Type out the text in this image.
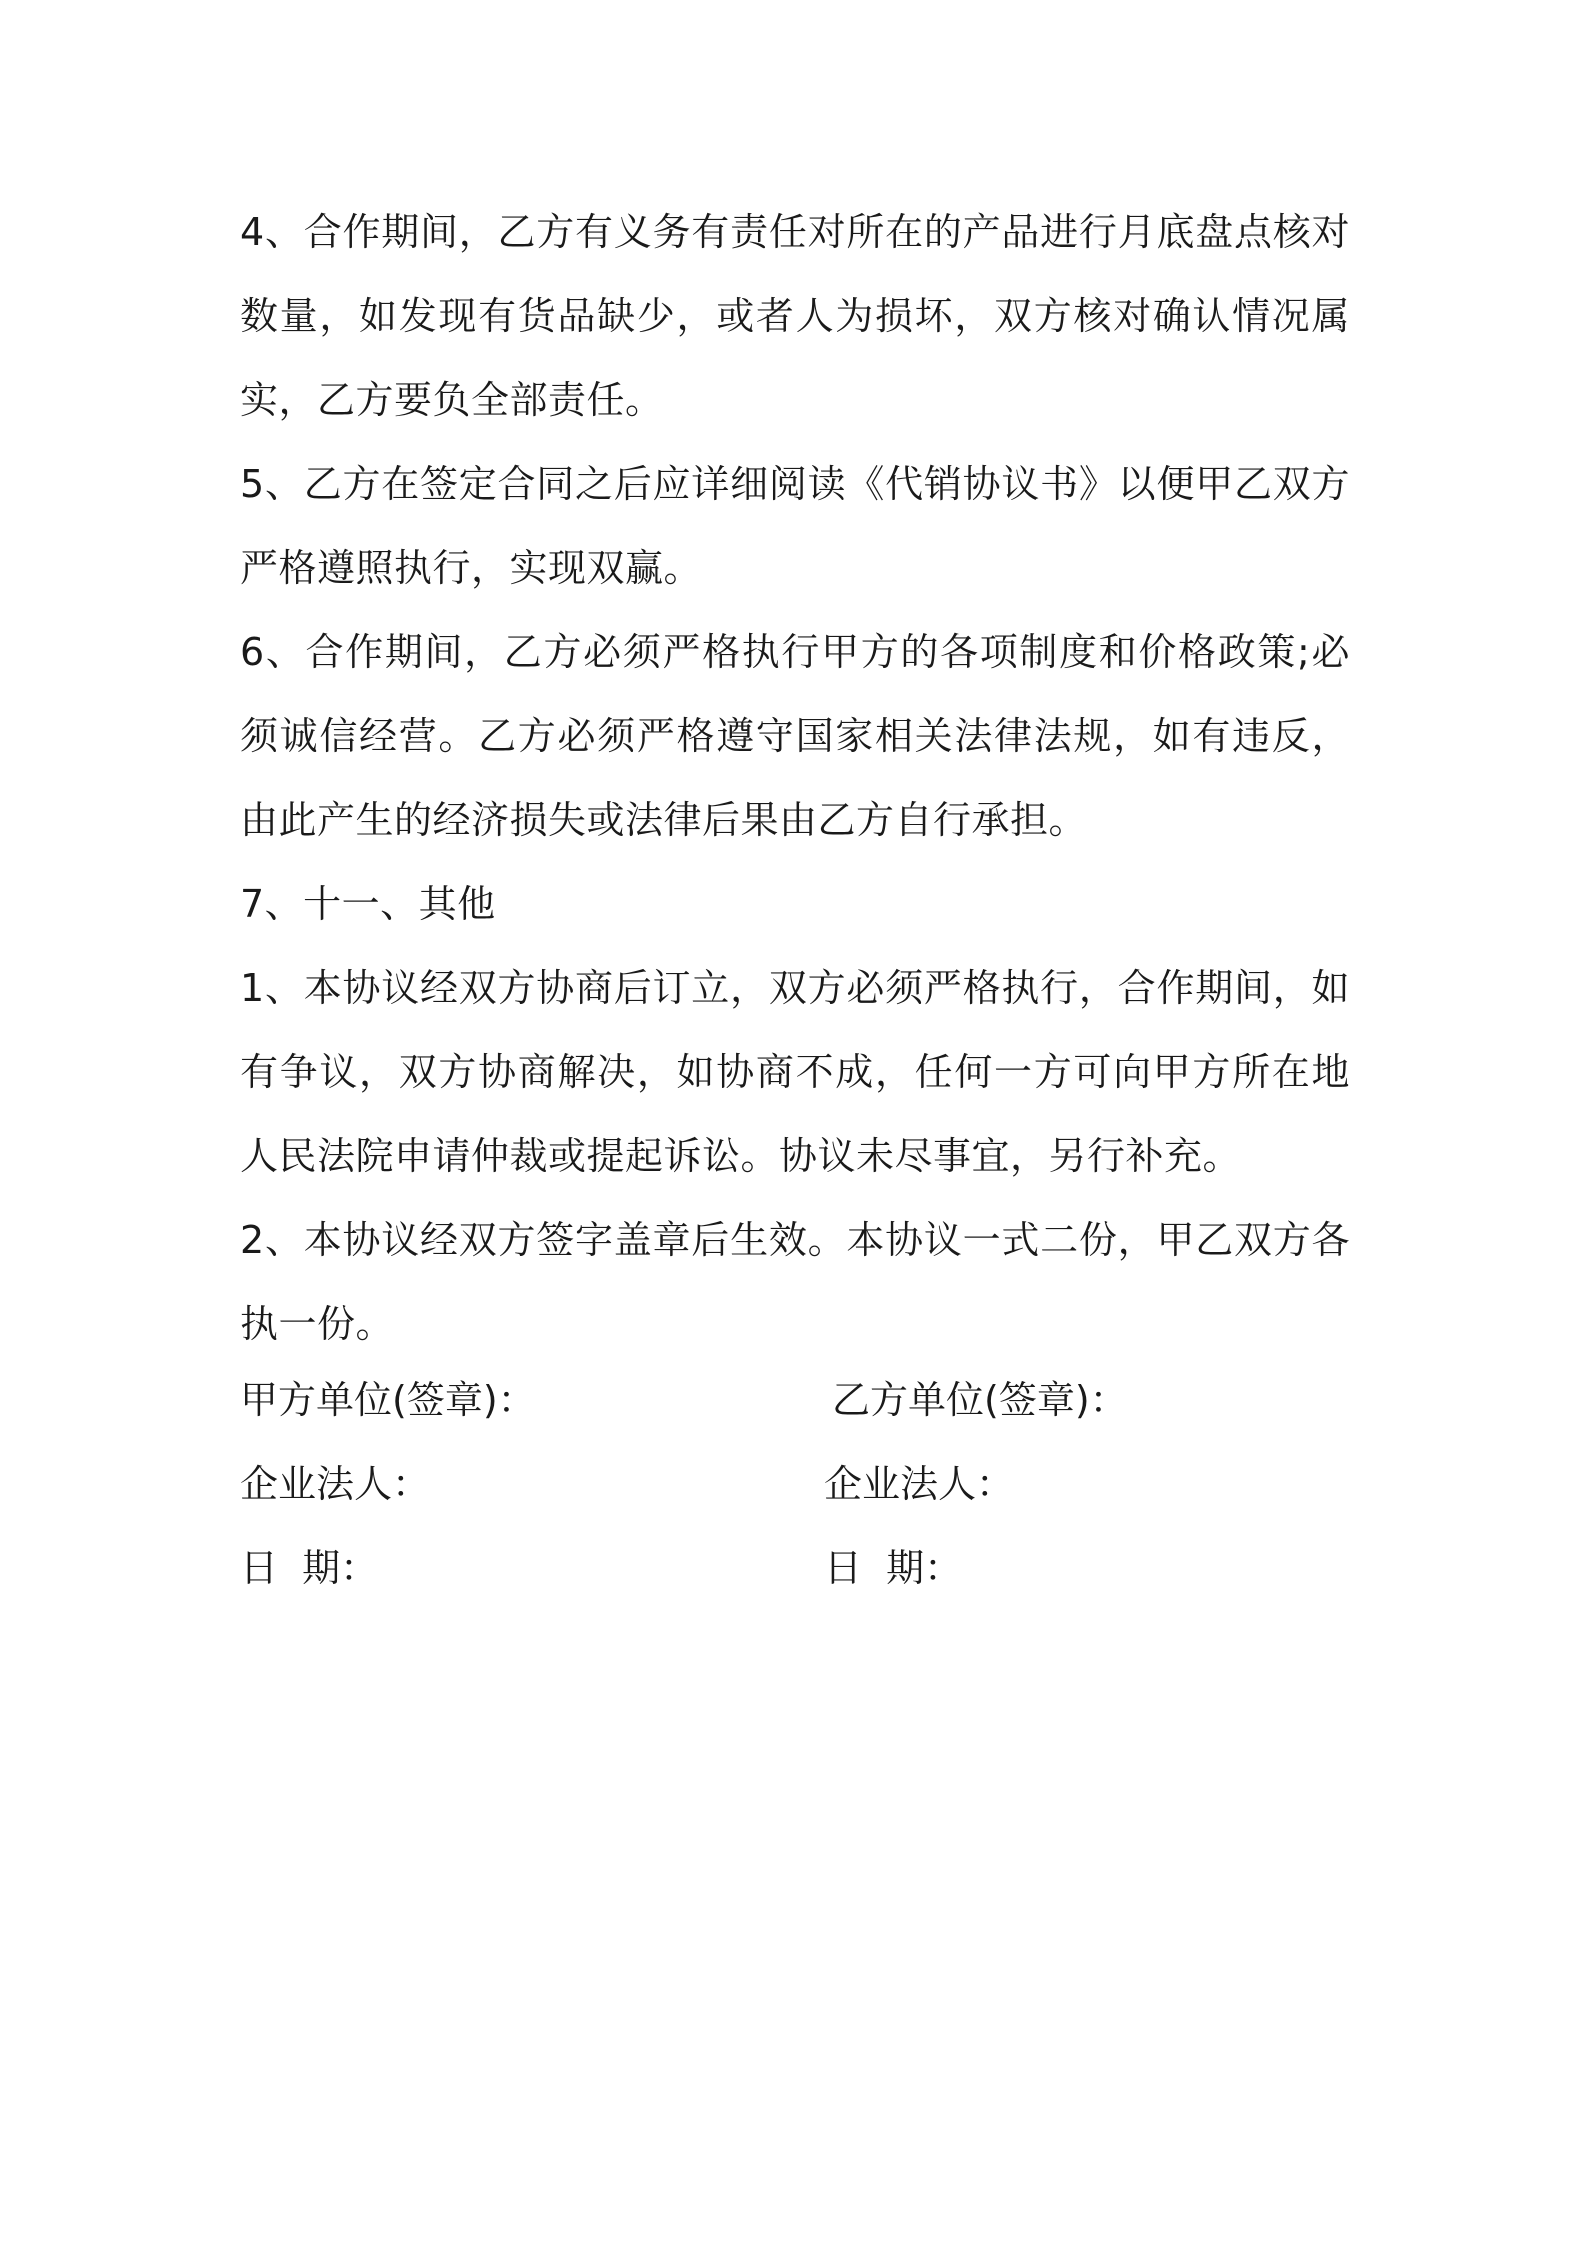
4、合作期间，乙方有义务有责任对所在的产品进行月底盘点核对数量，如发现有货品缺少，或者人为损坏，双方核对确认情况属实，乙方要负全部责任。

5、乙方在签定合同之后应详细阅读《代销协议书》以便甲乙双方严格遵照执行，实现双赢。

6、合作期间，乙方必须严格执行甲方的各项制度和价格政策;必须诚信经营。乙方必须严格遵守国家相关法律法规，如有违反，由此产生的经济损失或法律后果由乙方自行承担。

7、十一、其他

1、本协议经双方协商后订立，双方必须严格执行，合作期间，如有争议，双方协商解决，如协商不成，任何一方可向甲方所在地人民法院申请仲裁或提起诉讼。协议未尽事宜，另行补充。

2、本协议经双方签字盖章后生效。本协议一式二份，甲乙双方各执一份。

甲方单位(签章)：	乙方单位(签章)：
企业法人：	企业法人：
日  期：	日  期：
